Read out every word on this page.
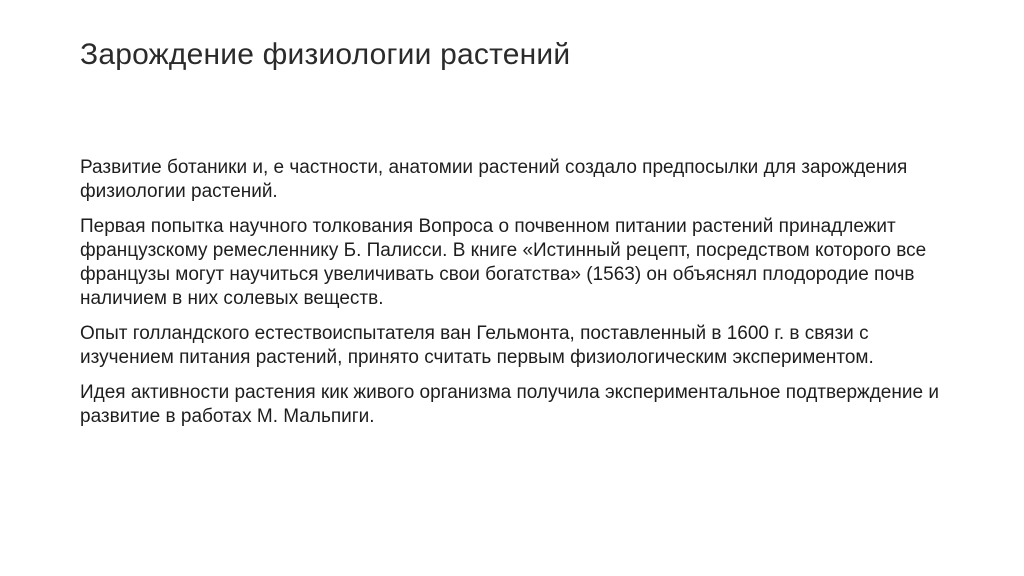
Зарождение физиологии растений

Развитие ботаники и, е частности, анатомии растений создало предпосылки для зарождения физиологии растений.

Первая попытка научного толкования Вопроса о почвенном питании растений принадлежит французскому ремесленнику Б. Палисси. В книге «Истинный рецепт, посредством которого все французы могут научиться увеличивать свои богатства» (1563) он объяснял плодородие почв наличием в них солевых веществ.

Опыт голландского естествоиспытателя ван Гельмонта, поставленный в 1600 г. в связи с изучением питания растений, принято считать первым физиологическим экспериментом.

Идея активности растения кик живого организма получила экспериментальное подтверждение и развитие в работах М. Мальпиги.
